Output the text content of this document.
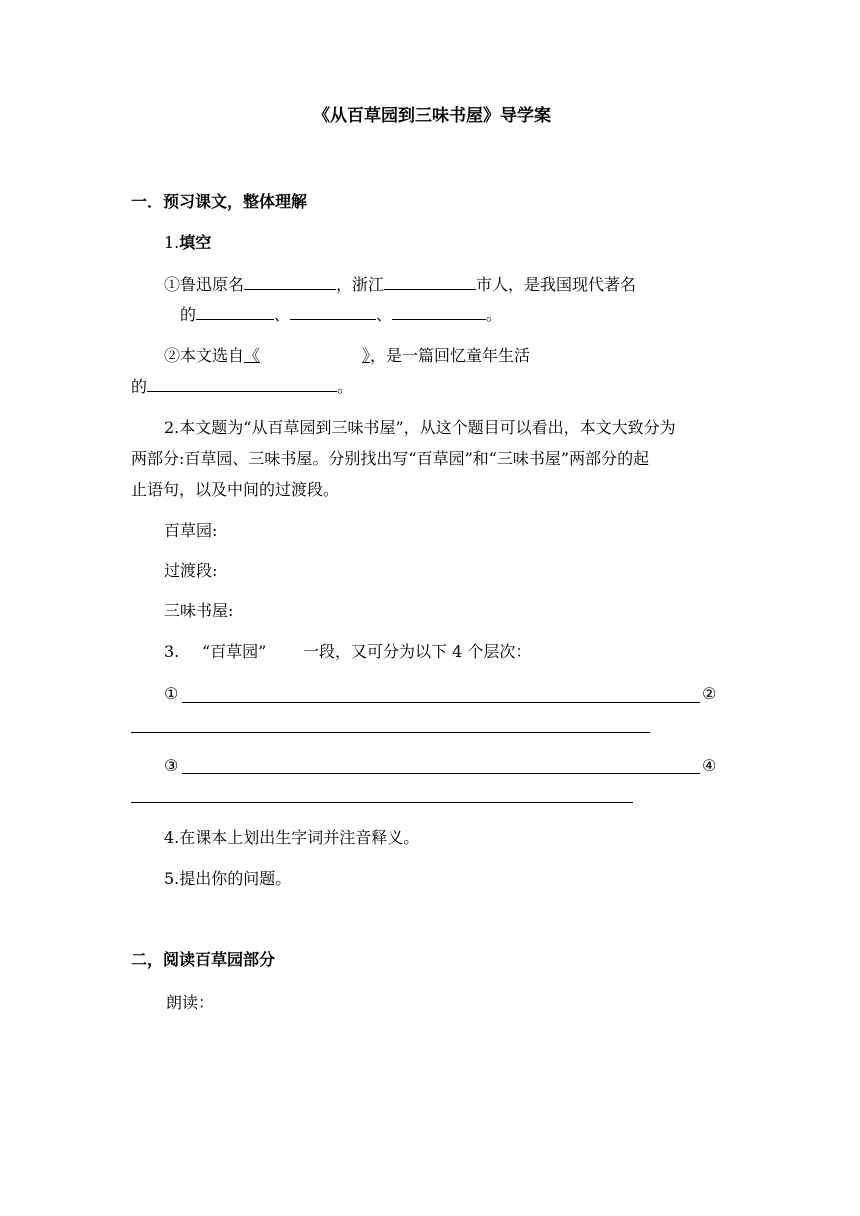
《从百草园到三味书屋》导学案
一．预习课文，整体理解
1.填空
①鲁迅原名	，浙江	市人，是我国现代著名
的	、	、	。
②本文选自《	》，是一篇回忆童年生活
的	。
2.本文题为“从百草园到三味书屋”，从这个题目可以看出，本文大致分为
两部分:百草园、三味书屋。分别找出写“百草园”和“三味书屋”两部分的起
止语句，以及中间的过渡段。
百草园:
过渡段:
三味书屋:
3. “百草园” 一段，又可分为以下 4 个层次：
①	②
③	④
4.在课本上划出生字词并注音释义。
5.提出你的问题。
二，阅读百草园部分
朗读：
